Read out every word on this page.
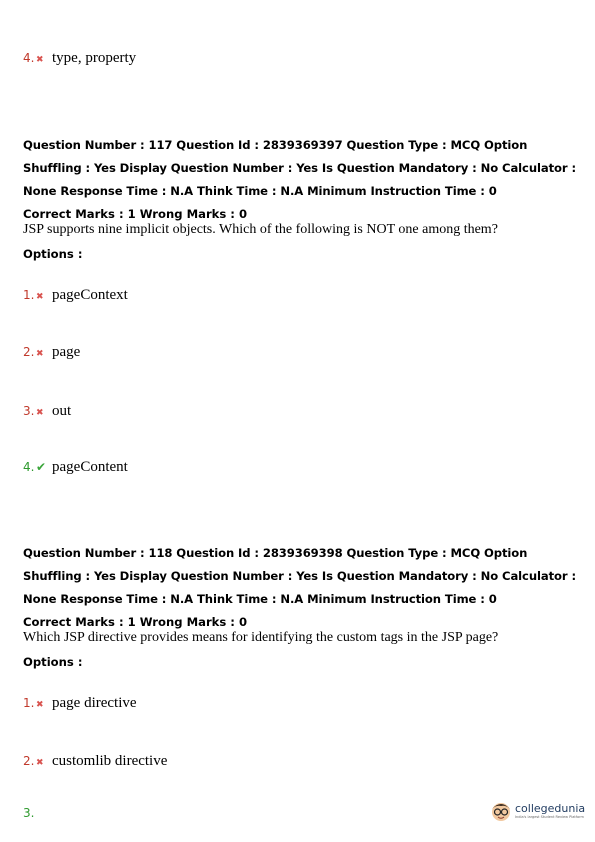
4. ✖ type, property
Question Number : 117 Question Id : 2839369397 Question Type : MCQ Option Shuffling : Yes Display Question Number : Yes Is Question Mandatory : No Calculator : None Response Time : N.A Think Time : N.A Minimum Instruction Time : 0
Correct Marks : 1 Wrong Marks : 0
JSP supports nine implicit objects. Which of the following is NOT one among them?
Options :
1. ✖ pageContext
2. ✖ page
3. ✖ out
4. ✔ pageContent
Question Number : 118 Question Id : 2839369398 Question Type : MCQ Option Shuffling : Yes Display Question Number : Yes Is Question Mandatory : No Calculator : None Response Time : N.A Think Time : N.A Minimum Instruction Time : 0
Correct Marks : 1 Wrong Marks : 0
Which JSP directive provides means for identifying the custom tags in the JSP page?
Options :
1. ✖ page directive
2. ✖ customlib directive
3.	collegedunia
India's largest Student Review Platform
